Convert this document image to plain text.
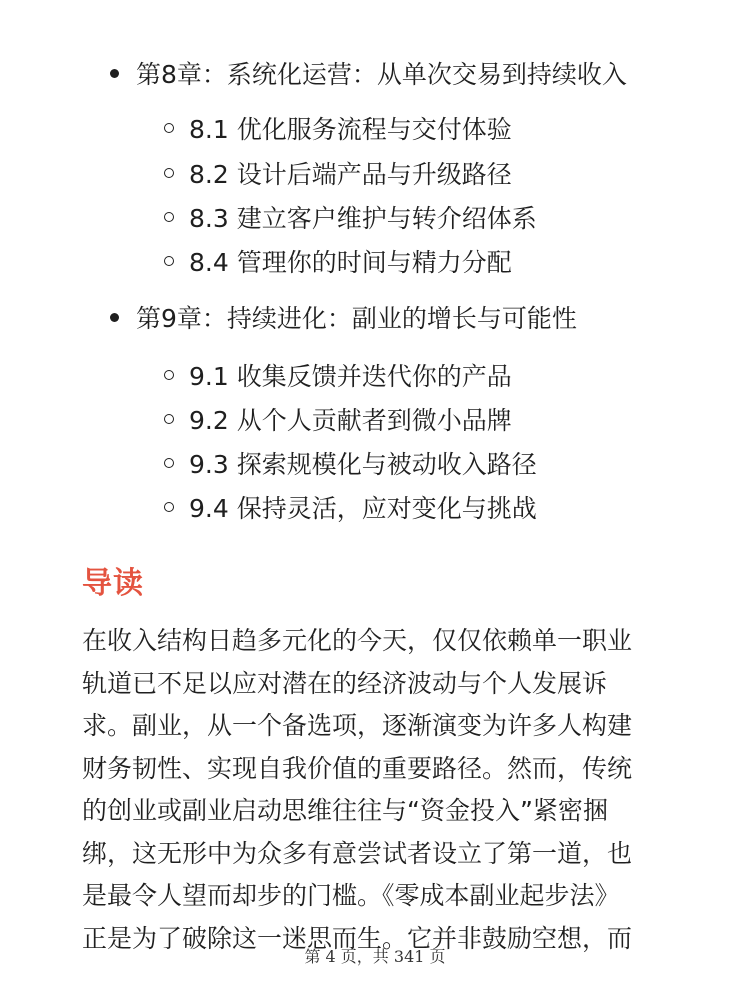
第8章：系统化运营：从单次交易到持续收入
8.1 优化服务流程与交付体验
8.2 设计后端产品与升级路径
8.3 建立客户维护与转介绍体系
8.4 管理你的时间与精力分配
第9章：持续进化：副业的增长与可能性
9.1 收集反馈并迭代你的产品
9.2 从个人贡献者到微小品牌
9.3 探索规模化与被动收入路径
9.4 保持灵活，应对变化与挑战
导读
在收入结构日趋多元化的今天，仅仅依赖单一职业
轨道已不足以应对潜在的经济波动与个人发展诉
求。副业，从一个备选项，逐渐演变为许多人构建
财务韧性、实现自我价值的重要路径。然而，传统
的创业或副业启动思维往往与“资金投入”紧密捆
绑，这无形中为众多有意尝试者设立了第一道，也
是最令人望而却步的门槛。《零成本副业起步法》
正是为了破除这一迷思而生。它并非鼓励空想，而
第 4 页，共 341 页
